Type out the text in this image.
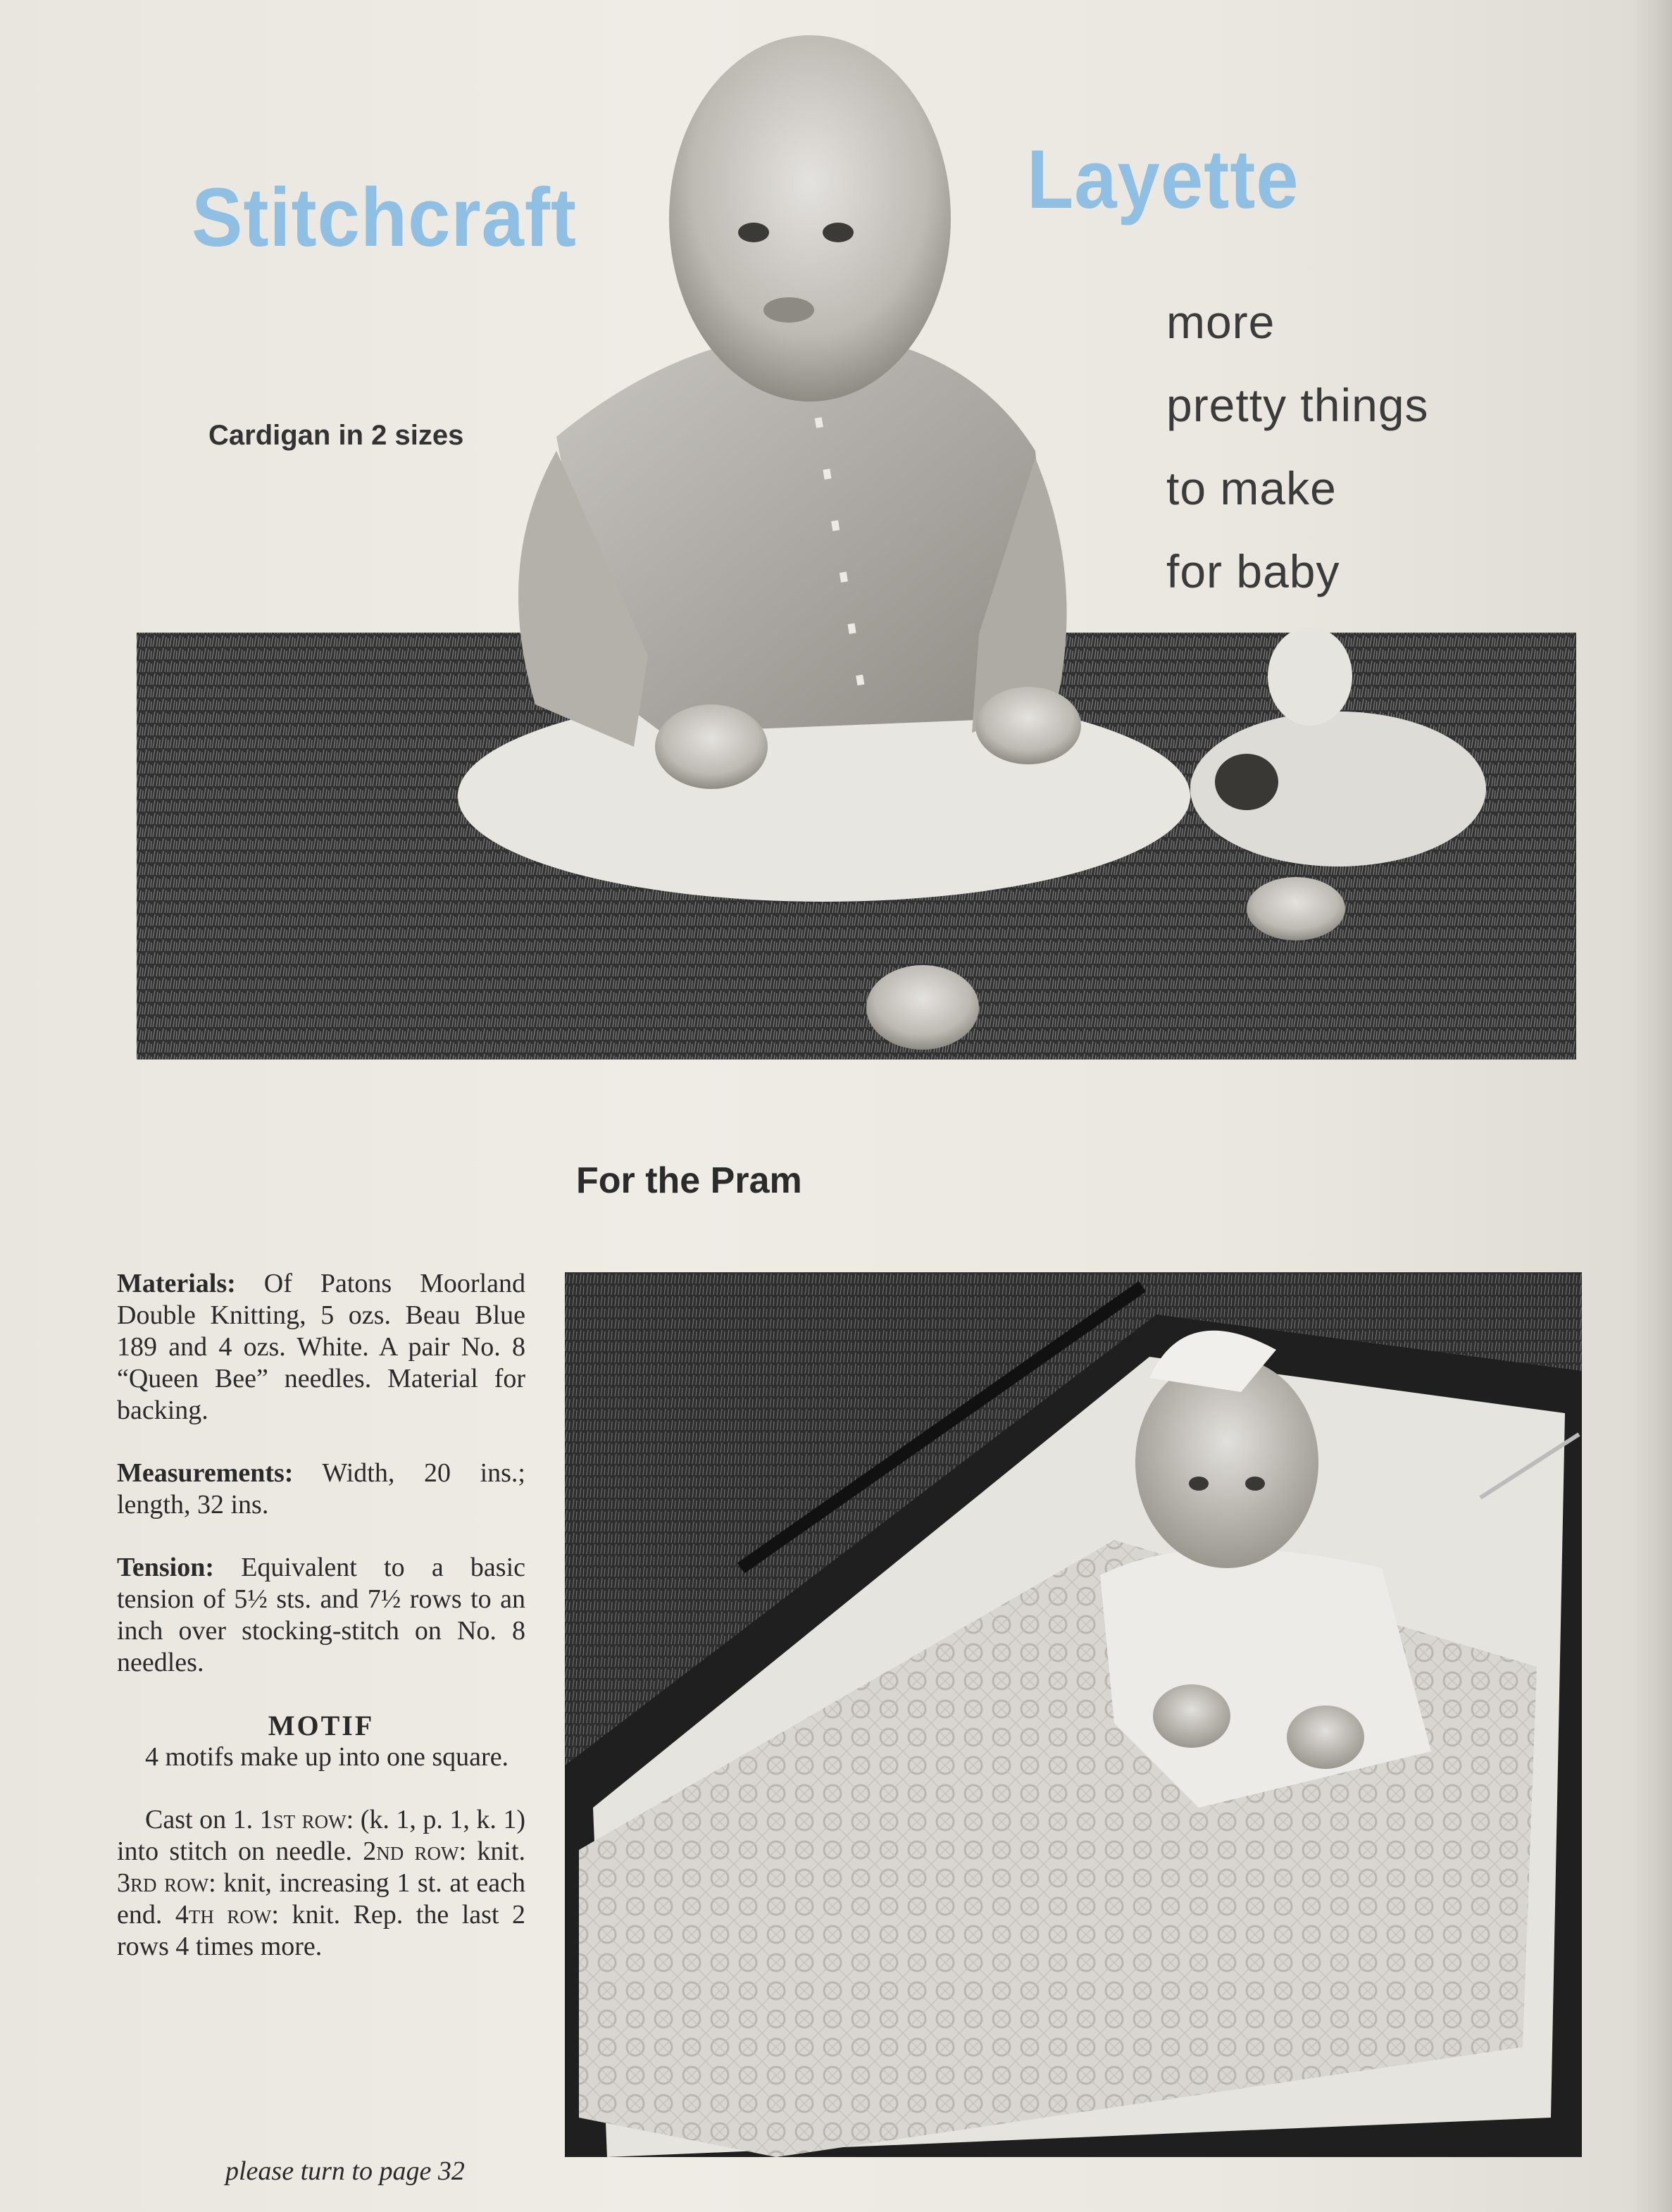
Stitchcraft	Layette
more
pretty things
to make
for baby
Cardigan in 2 sizes
For the Pram

Materials: Of Patons Moorland Double Knitting, 5 ozs. Beau Blue 189 and 4 ozs. White. A pair No. 8 “Queen Bee” needles. Material for backing.

Measurements: Width, 20 ins.; length, 32 ins.

Tension: Equivalent to a basic tension of 5½ sts. and 7½ rows to an inch over stocking-stitch on No. 8 needles.

MOTIF

4 motifs make up into one square.

Cast on 1. 1st row: (k. 1, p. 1, k. 1) into stitch on needle. 2nd row: knit. 3rd row: knit, increasing 1 st. at each end. 4th row: knit. Rep. the last 2 rows 4 times more.

please turn to page 32
